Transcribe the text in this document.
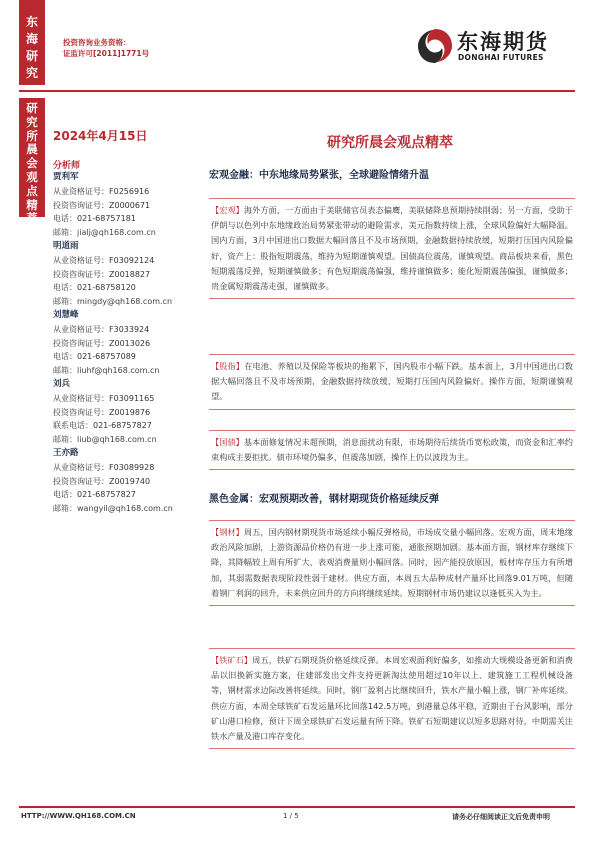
东
海
研
究
研
究
所
晨
会
观
点
精
萃
投资咨询业务资格：
证监许可[2011]1771号	东海期货
DONGHAI FUTURES
2024年4月15日
分析师
贾利军
从业资格证号：F0256916
投资咨询证号：Z0000671
电话：021-68757181
邮箱：jialj@qh168.com.cn
明道雨
从业资格证号：F03092124
投资咨询证号：Z0018827
电话：021-68758120
邮箱：mingdy@qh168.com.cn
刘慧峰
从业资格证号：F3033924
投资咨询证号：Z0013026
电话：021-68757089
邮箱：liuhf@qh168.com.cn
刘兵
从业资格证号：F03091165
投资咨询证号：Z0019876
联系电话：021-68757827
邮箱：liub@qh168.com.cn
王亦路
从业资格证号：F03089928
投资咨询证号：Z0019740
电话：021-68757827
邮箱：wangyil@qh168.com.cn
研究所晨会观点精萃
宏观金融：中东地缘局势紧张，全球避险情绪升温
【宏观】海外方面，一方面由于美联储官员表态偏鹰，美联储降息预期持续削弱；另一方面，受助于伊朗与以色列中东地缘政治局势紧张带动的避险需求，美元指数持续上涨，全球风险偏好大幅降温。国内方面，3月中国进出口数据大幅回落且不及市场预期，金融数据持续放缓，短期打压国内风险偏好，资产上：股指短期震荡，维持为短期谨慎观望。国债高位震荡，谨慎观望。商品板块来看，黑色短期震荡反弹，短期谨慎做多；有色短期震荡偏强，维持谨慎做多；能化短期震荡偏强，谨慎做多；贵金属短期震荡走强，谨慎做多。
【股指】在电池、养殖以及保险等板块的拖累下，国内股市小幅下跌。基本面上，3月中国进出口数据大幅回落且不及市场预期，金融数据持续放缓，短期打压国内风险偏好。操作方面，短期谨慎观望。
【国债】基本面修复情况未超预期，消息面扰动有限，市场期待后续货币宽松政策，而资金和汇率约束构成主要拒扰。债市环境仍偏多，但震荡加剧，操作上仍以波段为主。
黑色金属：宏观预期改善，钢材期现货价格延续反弹
【钢材】周五，国内钢材期现货市场延续小幅反弹格局，市场成交量小幅回落。宏观方面，周末地缘政治风险加剧，上游资源品价格仍有进一步上涨可能，通胀预期加剧。基本面方面，钢材库存继续下降，其降幅较上周有所扩大，表观消费量则小幅回落。同时，因产能投放原因，板材库存压力有所增加，其弱需数据表现阶段性弱于建材。供应方面，本周五大品种成材产量环比回落9.01万吨，但随着钢厂利润的回升，未来供应回升的方向将继续延续。短期钢材市场仍建议以逢低买入为主。
【铁矿石】周五，铁矿石期现货价格延续反弹。本周宏观面利好偏多，如推动大规模设备更新和消费品以旧换新实施方案，住建部发出文件支持更新淘汰使用超过10年以上、建筑施工工程机械设备等，钢材需求边际改善将延续。同时，钢厂盈利占比继续回升，铁水产量小幅上涨，钢厂补库延续。供应方面，本周全球铁矿石发运量环比回落142.5万吨，到港量总体平稳，近期由于台风影响，部分矿山港口检修，预计下周全球铁矿石发运量有所下降。铁矿石短期建议以短多思路对待，中期需关注铁水产量及港口库存变化。
HTTP://WWW.QH168.COM.CN	1 / 5	请务必仔细阅读正文后免责申明
